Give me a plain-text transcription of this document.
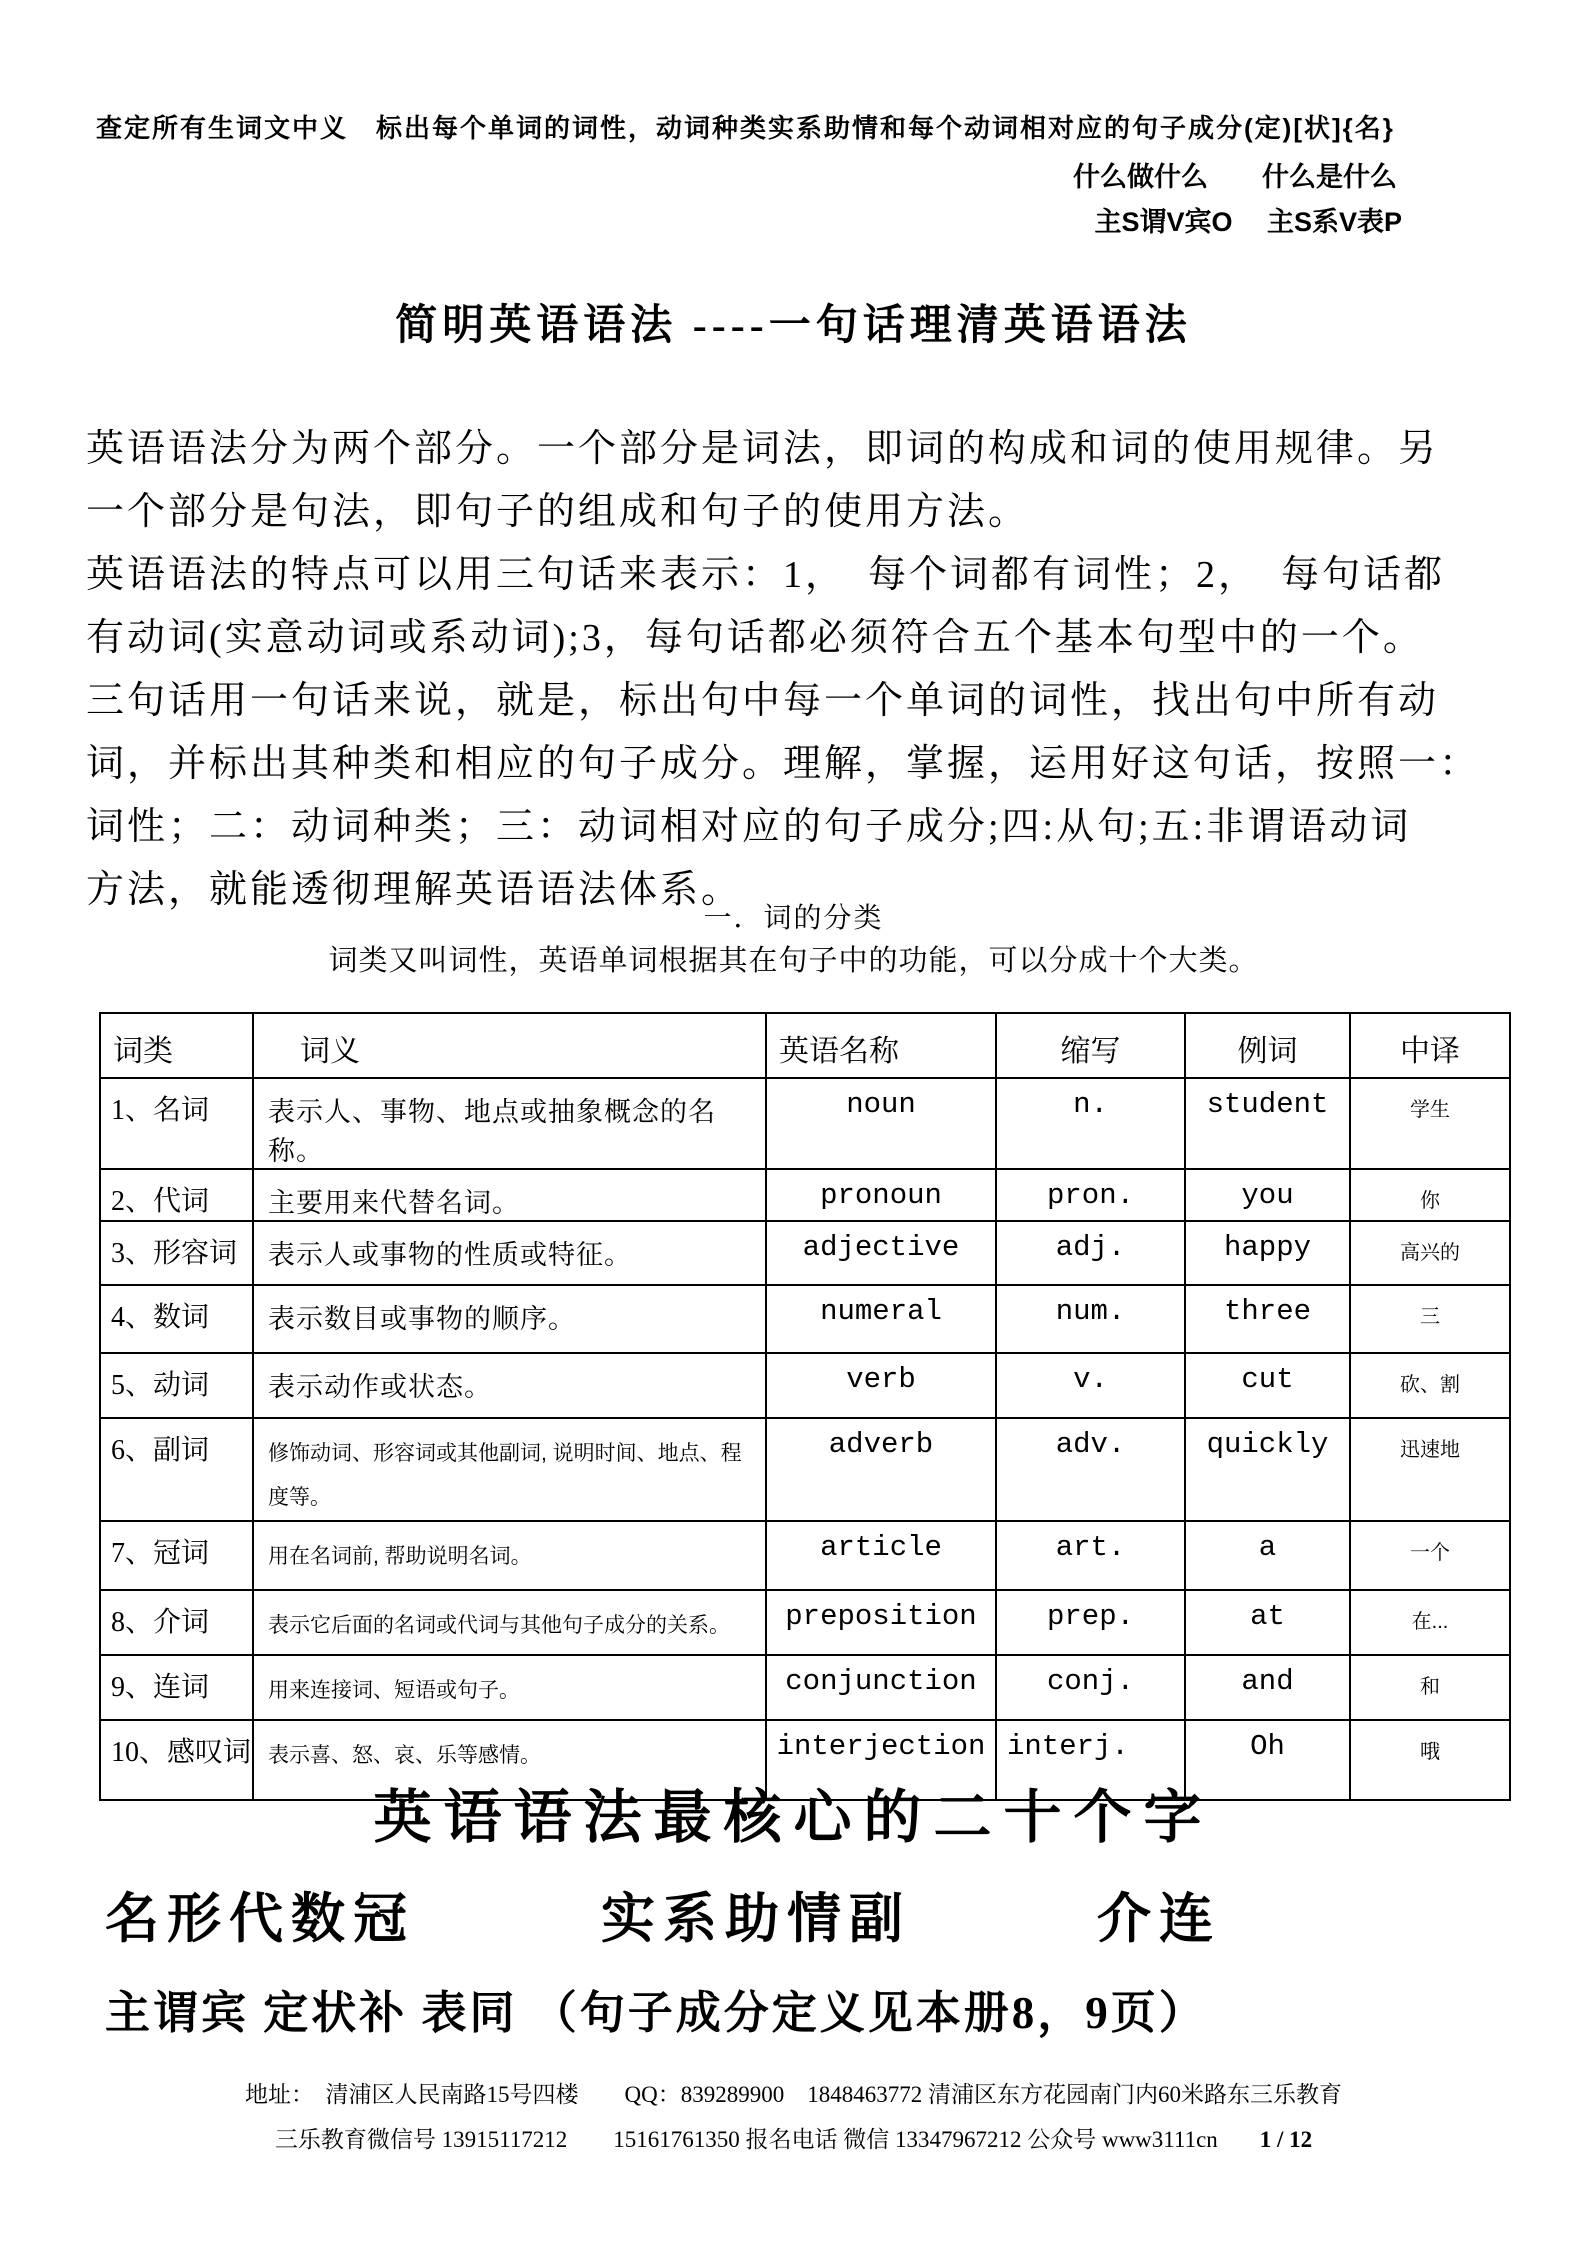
查定所有生词文中义　标出每个单词的词性，动词种类实系助情和每个动词相对应的句子成分(定)[状]{名}
什么做什么　　什么是什么
主S谓V宾O　 主S系V表P
简明英语语法 ----一句话理清英语语法
英语语法分为两个部分。一个部分是词法，即词的构成和词的使用规律。另
一个部分是句法，即句子的组成和句子的使用方法。
英语语法的特点可以用三句话来表示：1，　每个词都有词性；2，　每句话都
有动词(实意动词或系动词);3，每句话都必须符合五个基本句型中的一个。
三句话用一句话来说，就是，标出句中每一个单词的词性，找出句中所有动
词，并标出其种类和相应的句子成分。理解，掌握，运用好这句话，按照一：
词性；二：动词种类；三：动词相对应的句子成分;四:从句;五:非谓语动词
方法，就能透彻理解英语语法体系。
一．词的分类
词类又叫词性，英语单词根据其在句子中的功能，可以分成十个大类。
词类	词义	英语名称	缩写	例词	中译
1、名词	表示人、事物、地点或抽象概念的名称。	noun	n.	student	学生
2、代词	主要用来代替名词。	pronoun	pron.	you	你
3、形容词	表示人或事物的性质或特征。	adjective	adj.	happy	高兴的
4、数词	表示数目或事物的顺序。	numeral	num.	three	三
5、动词	表示动作或状态。	verb	v.	cut	砍、割
6、副词	修饰动词、形容词或其他副词, 说明时间、地点、程度等。	adverb	adv.	quickly	迅速地
7、冠词	用在名词前, 帮助说明名词。	article	art.	a	一个
8、介词	表示它后面的名词或代词与其他句子成分的关系。	preposition	prep.	at	在...
9、连词	用来连接词、短语或句子。	conjunction	conj.	and	和
10、感叹词	表示喜、怒、哀、乐等感情。	interjection	interj.	Oh	哦
英语语法最核心的二十个字
名形代数冠　　　实系助情副　　　介连
主谓宾 定状补 表同 （句子成分定义见本册8，9页）
地址：　清浦区人民南路15号四楼　　QQ：839289900　1848463772 清浦区东方花园南门内60米路东三乐教育
三乐教育微信号 13915117212　　15161761350 报名电话 微信 13347967212 公众号 www3111cn 1 / 12
